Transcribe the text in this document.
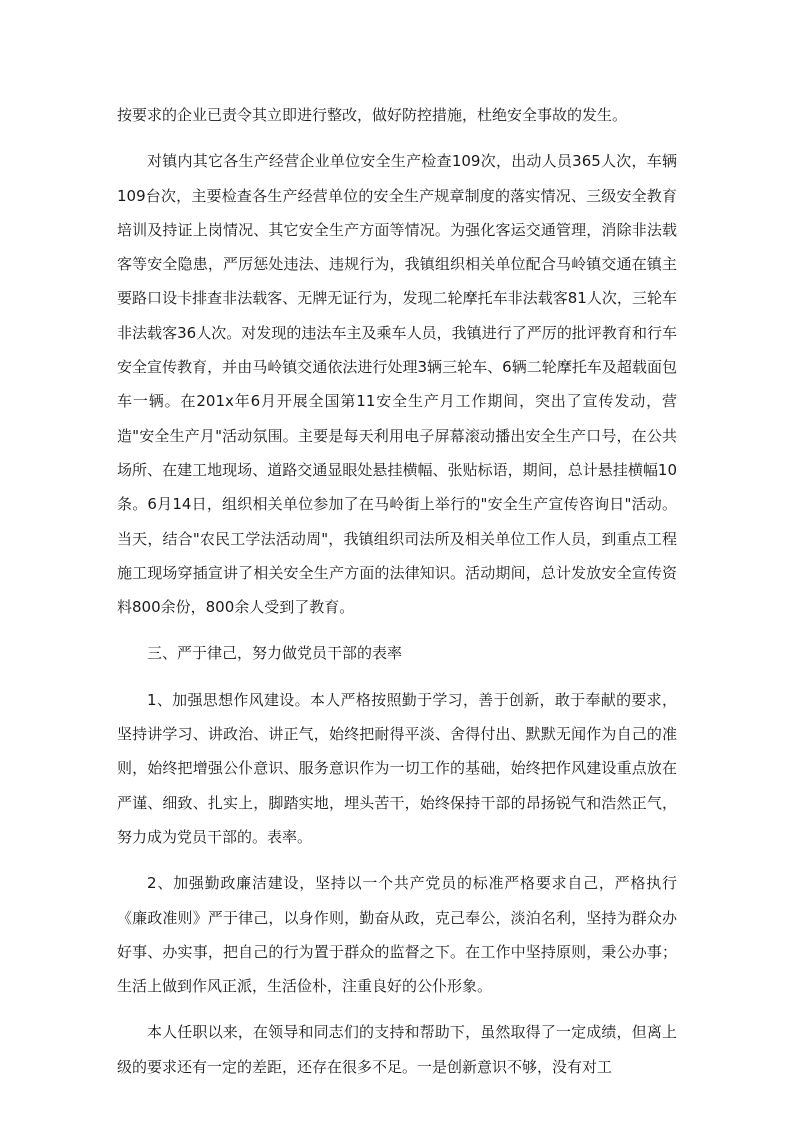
按要求的企业已责令其立即进行整改，做好防控措施，杜绝安全事故的发生。

对镇内其它各生产经营企业单位安全生产检查109次，出动人员365人次，车辆109台次，主要检查各生产经营单位的安全生产规章制度的落实情况、三级安全教育培训及持证上岗情况、其它安全生产方面等情况。为强化客运交通管理，消除非法载客等安全隐患，严厉惩处违法、违规行为，我镇组织相关单位配合马岭镇交通在镇主要路口设卡排查非法载客、无牌无证行为，发现二轮摩托车非法载客81人次，三轮车非法载客36人次。对发现的违法车主及乘车人员，我镇进行了严厉的批评教育和行车安全宣传教育，并由马岭镇交通依法进行处理3辆三轮车、6辆二轮摩托车及超载面包车一辆。在201x年6月开展全国第11安全生产月工作期间，突出了宣传发动，营造"安全生产月"活动氛围。主要是每天利用电子屏幕滚动播出安全生产口号，在公共场所、在建工地现场、道路交通显眼处悬挂横幅、张贴标语，期间，总计悬挂横幅10条。6月14日，组织相关单位参加了在马岭街上举行的"安全生产宣传咨询日"活动。当天，结合"农民工学法活动周"，我镇组织司法所及相关单位工作人员，到重点工程施工现场穿插宣讲了相关安全生产方面的法律知识。活动期间，总计发放安全宣传资料800余份，800余人受到了教育。

三、严于律己，努力做党员干部的表率

1、加强思想作风建设。本人严格按照勤于学习，善于创新，敢于奉献的要求，坚持讲学习、讲政治、讲正气，始终把耐得平淡、舍得付出、默默无闻作为自己的准则，始终把增强公仆意识、服务意识作为一切工作的基础，始终把作风建设重点放在严谨、细致、扎实上，脚踏实地，埋头苦干，始终保持干部的昂扬锐气和浩然正气，努力成为党员干部的。表率。

2、加强勤政廉洁建设，坚持以一个共产党员的标准严格要求自己，严格执行《廉政准则》严于律己，以身作则，勤奋从政，克己奉公，淡泊名利，坚持为群众办好事、办实事，把自己的行为置于群众的监督之下。在工作中坚持原则，秉公办事；生活上做到作风正派，生活俭朴，注重良好的公仆形象。

本人任职以来，在领导和同志们的支持和帮助下，虽然取得了一定成绩，但离上级的要求还有一定的差距，还存在很多不足。一是创新意识不够，没有对工
